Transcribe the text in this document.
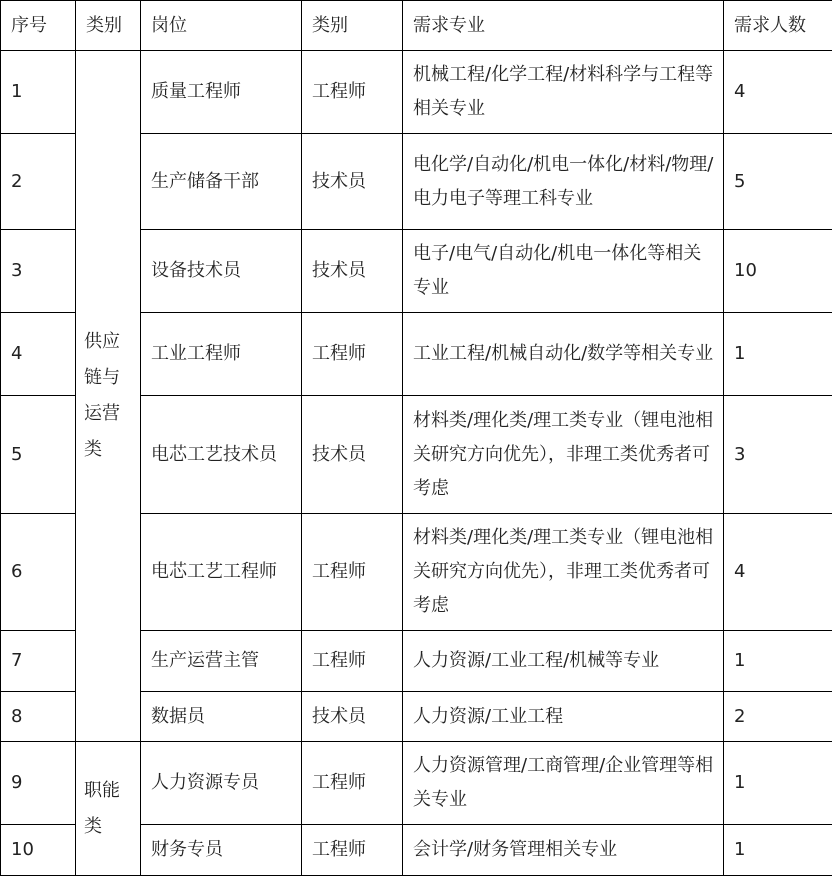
序号	类别	岗位	类别	需求专业	需求人数
1	供应链与运营类	质量工程师	工程师	机械工程/化学工程/材料科学与工程等相关专业	4
2		生产储备干部	技术员	电化学/自动化/机电一体化/材料/物理/电力电子等理工科专业	5
3		设备技术员	技术员	电子/电气/自动化/机电一体化等相关专业	10
4		工业工程师	工程师	工业工程/机械自动化/数学等相关专业	1
5		电芯工艺技术员	技术员	材料类/理化类/理工类专业（锂电池相关研究方向优先），非理工类优秀者可考虑	3
6		电芯工艺工程师	工程师	材料类/理化类/理工类专业（锂电池相关研究方向优先），非理工类优秀者可考虑	4
7		生产运营主管	工程师	人力资源/工业工程/机械等专业	1
8		数据员	技术员	人力资源/工业工程	2
9	职能类	人力资源专员	工程师	人力资源管理/工商管理/企业管理等相关专业	1
10		财务专员	工程师	会计学/财务管理相关专业	1
